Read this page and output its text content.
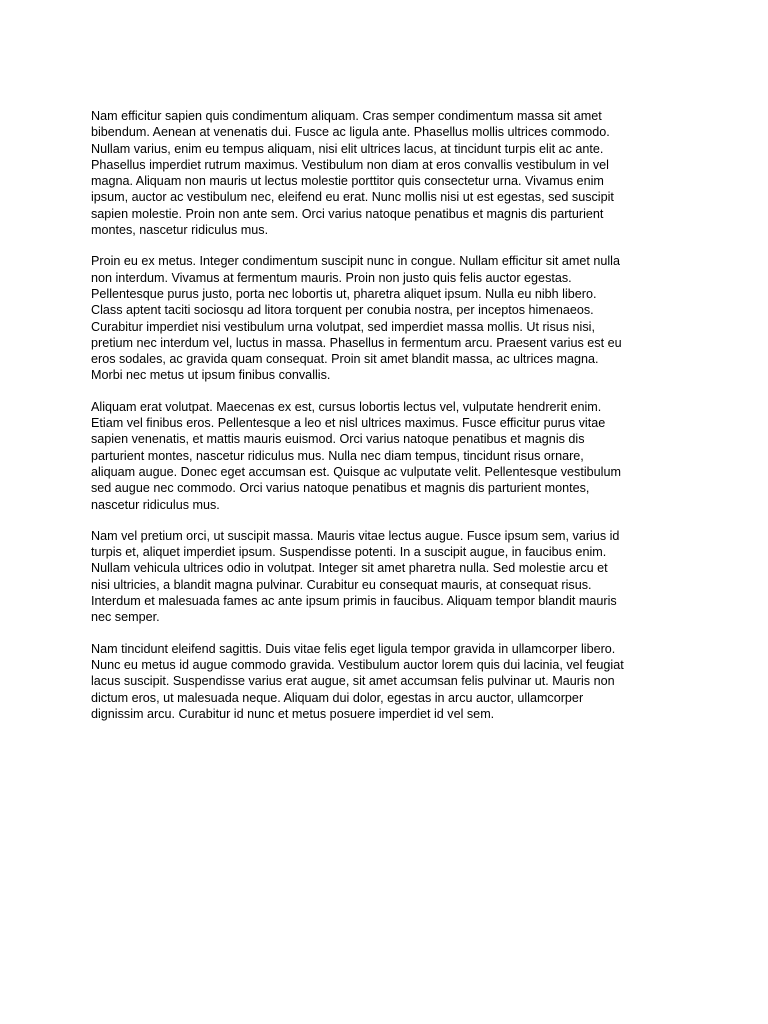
Nam efficitur sapien quis condimentum aliquam. Cras semper condimentum massa sit amet
bibendum. Aenean at venenatis dui. Fusce ac ligula ante. Phasellus mollis ultrices commodo.
Nullam varius, enim eu tempus aliquam, nisi elit ultrices lacus, at tincidunt turpis elit ac ante.
Phasellus imperdiet rutrum maximus. Vestibulum non diam at eros convallis vestibulum in vel
magna. Aliquam non mauris ut lectus molestie porttitor quis consectetur urna. Vivamus enim
ipsum, auctor ac vestibulum nec, eleifend eu erat. Nunc mollis nisi ut est egestas, sed suscipit
sapien molestie. Proin non ante sem. Orci varius natoque penatibus et magnis dis parturient
montes, nascetur ridiculus mus.

Proin eu ex metus. Integer condimentum suscipit nunc in congue. Nullam efficitur sit amet nulla
non interdum. Vivamus at fermentum mauris. Proin non justo quis felis auctor egestas.
Pellentesque purus justo, porta nec lobortis ut, pharetra aliquet ipsum. Nulla eu nibh libero.
Class aptent taciti sociosqu ad litora torquent per conubia nostra, per inceptos himenaeos.
Curabitur imperdiet nisi vestibulum urna volutpat, sed imperdiet massa mollis. Ut risus nisi,
pretium nec interdum vel, luctus in massa. Phasellus in fermentum arcu. Praesent varius est eu
eros sodales, ac gravida quam consequat. Proin sit amet blandit massa, ac ultrices magna.
Morbi nec metus ut ipsum finibus convallis.

Aliquam erat volutpat. Maecenas ex est, cursus lobortis lectus vel, vulputate hendrerit enim.
Etiam vel finibus eros. Pellentesque a leo et nisl ultrices maximus. Fusce efficitur purus vitae
sapien venenatis, et mattis mauris euismod. Orci varius natoque penatibus et magnis dis
parturient montes, nascetur ridiculus mus. Nulla nec diam tempus, tincidunt risus ornare,
aliquam augue. Donec eget accumsan est. Quisque ac vulputate velit. Pellentesque vestibulum
sed augue nec commodo. Orci varius natoque penatibus et magnis dis parturient montes,
nascetur ridiculus mus.

Nam vel pretium orci, ut suscipit massa. Mauris vitae lectus augue. Fusce ipsum sem, varius id
turpis et, aliquet imperdiet ipsum. Suspendisse potenti. In a suscipit augue, in faucibus enim.
Nullam vehicula ultrices odio in volutpat. Integer sit amet pharetra nulla. Sed molestie arcu et
nisi ultricies, a blandit magna pulvinar. Curabitur eu consequat mauris, at consequat risus.
Interdum et malesuada fames ac ante ipsum primis in faucibus. Aliquam tempor blandit mauris
nec semper.

Nam tincidunt eleifend sagittis. Duis vitae felis eget ligula tempor gravida in ullamcorper libero.
Nunc eu metus id augue commodo gravida. Vestibulum auctor lorem quis dui lacinia, vel feugiat
lacus suscipit. Suspendisse varius erat augue, sit amet accumsan felis pulvinar ut. Mauris non
dictum eros, ut malesuada neque. Aliquam dui dolor, egestas in arcu auctor, ullamcorper
dignissim arcu. Curabitur id nunc et metus posuere imperdiet id vel sem.
